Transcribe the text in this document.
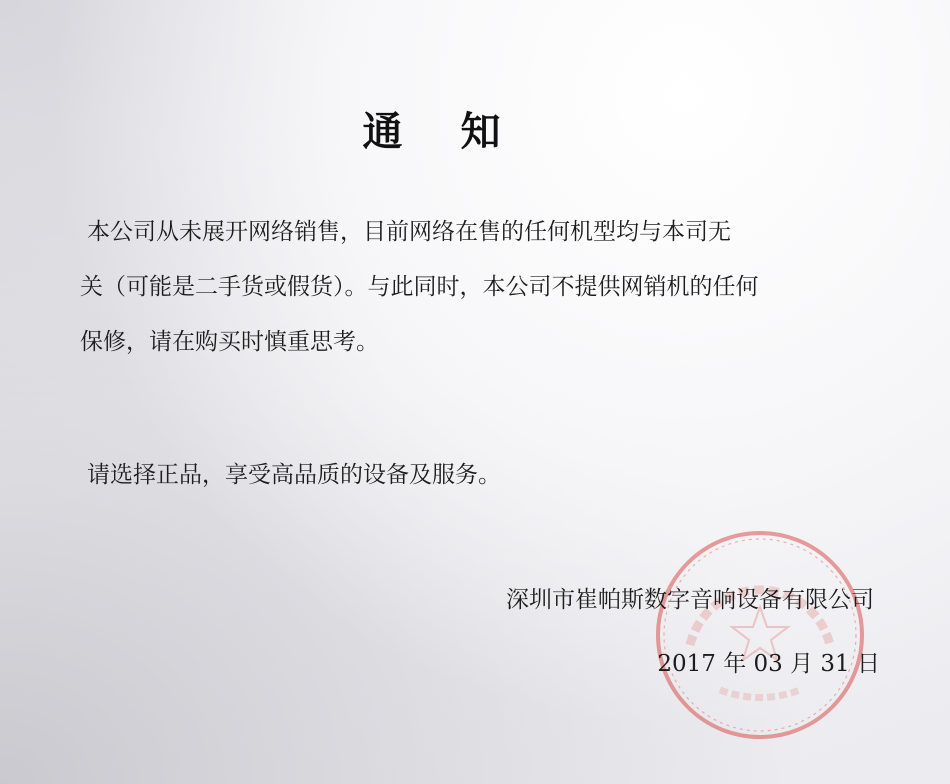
通 知
本公司从未展开网络销售，目前网络在售的任何机型均与本司无
关（可能是二手货或假货）。与此同时，本公司不提供网销机的任何
保修，请在购买时慎重思考。
请选择正品，享受高品质的设备及服务。
深圳市崔帕斯数字音响设备有限公司
2017 年 03 月 31 日
